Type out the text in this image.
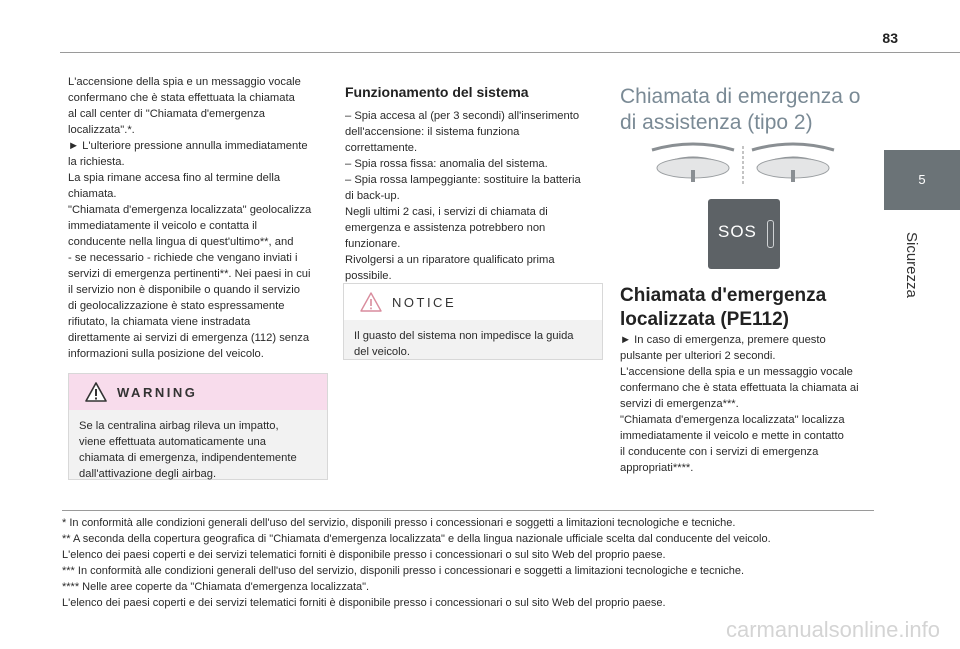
83
5
Sicurezza

L'accensione della spia e un messaggio vocale
confermano che è stata effettuata la chiamata
al call center di "Chiamata d'emergenza
localizzata".*.
► L'ulteriore pressione annulla immediatamente
la richiesta.
La spia rimane accesa fino al termine della
chiamata.
"Chiamata d'emergenza localizzata" geolocalizza
immediatamente il veicolo e contatta il
conducente nella lingua di quest'ultimo**, and
- se necessario - richiede che vengano inviati i
servizi di emergenza pertinenti**. Nei paesi in cui
il servizio non è disponibile o quando il servizio
di geolocalizzazione è stato espressamente
rifiutato, la chiamata viene instradata
direttamente ai servizi di emergenza (112) senza
informazioni sulla posizione del veicolo.

WARNING
Se la centralina airbag rileva un impatto,
viene effettuata automaticamente una
chiamata di emergenza, indipendentemente
dall'attivazione degli airbag.
Funzionamento del sistema

– Spia accesa al (per 3 secondi) all'inserimento
dell'accensione: il sistema funziona
correttamente.
– Spia rossa fissa: anomalia del sistema.
– Spia rossa lampeggiante: sostituire la batteria
di back-up.
Negli ultimi 2 casi, i servizi di chiamata di
emergenza e assistenza potrebbero non
funzionare.
Rivolgersi a un riparatore qualificato prima
possibile.

NOTICE
Il guasto del sistema non impedisce la guida
del veicolo.

Chiamata di emergenza o
di assistenza (tipo 2)

SOS

Chiamata d'emergenza
localizzata (PE112)

► In caso di emergenza, premere questo
pulsante per ulteriori 2 secondi.
L'accensione della spia e un messaggio vocale
confermano che è stata effettuata la chiamata ai
servizi di emergenza***.
"Chiamata d'emergenza localizzata" localizza
immediatamente il veicolo e mette in contatto
il conducente con i servizi di emergenza
appropriati****.

* In conformità alle condizioni generali dell'uso del servizio, disponili presso i concessionari e soggetti a limitazioni tecnologiche e tecniche.
** A seconda della copertura geografica di "Chiamata d'emergenza localizzata" e della lingua nazionale ufficiale scelta dal conducente del veicolo.
L'elenco dei paesi coperti e dei servizi telematici forniti è disponibile presso i concessionari o sul sito Web del proprio paese.
*** In conformità alle condizioni generali dell'uso del servizio, disponili presso i concessionari e soggetti a limitazioni tecnologiche e tecniche.
**** Nelle aree coperte da "Chiamata d'emergenza localizzata".
L'elenco dei paesi coperti e dei servizi telematici forniti è disponibile presso i concessionari o sul sito Web del proprio paese.
carmanualsonline.info
